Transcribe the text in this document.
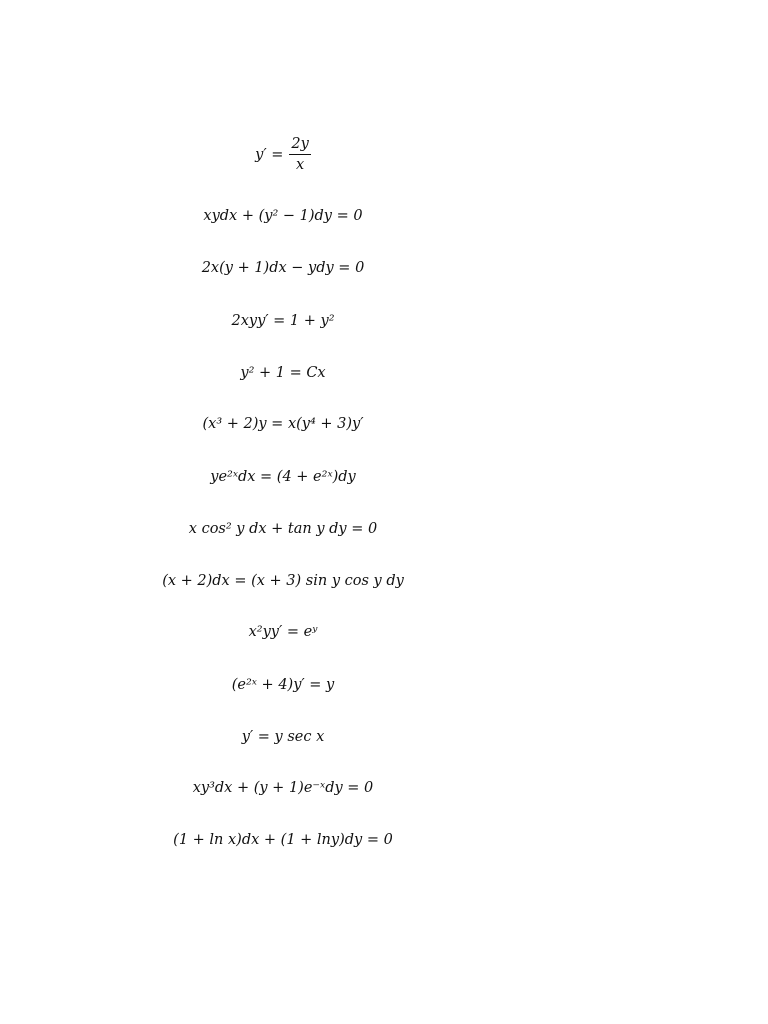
$y' = \frac{2y}{x}$
xydx + (y² − 1)dy = 0
2x(y + 1)dx − ydy = 0
2xyy′ = 1 + y²
y² + 1 = Cx
(x³ + 2)y = x(y⁴ + 3)y′
ye²ˣdx = (4 + e²ˣ)dy
x cos² y dx + tan y dy = 0
(x + 2)dx = (x + 3) sin y cos y dy
x²yy′ = eʸ
(e²ˣ + 4)y′ = y
y′ = y sec x
xy³dx + (y + 1)e⁻ˣdy = 0
(1 + ln x)dx + (1 + lny)dy = 0
